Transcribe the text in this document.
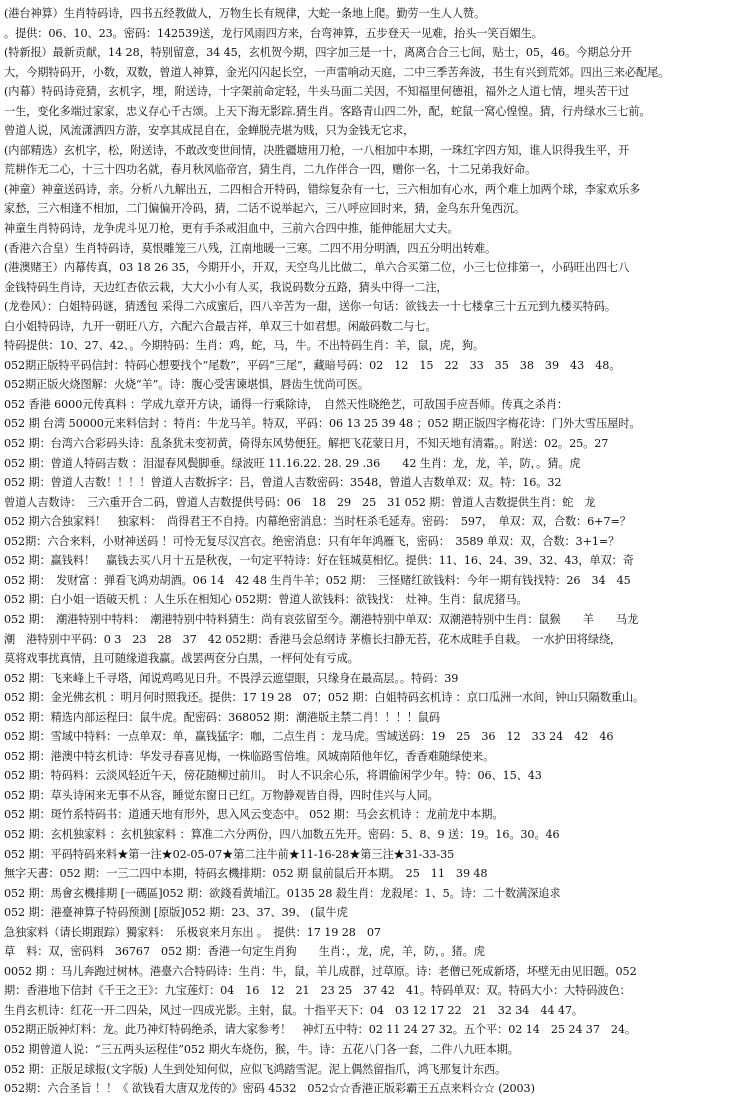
(港台神算）生肖特码诗，四书五经教做人，万物生长有规律，大蛇一条地上爬。勤劳一生人人赞。
。提供：06、10、23。密码：142539送，龙行风雨四方来，台弯神算，五步登天一见难，抬头一笑百媚生。
(特新报）最新贡献，14 28，特别留意，34 45，玄机贺今期，四字加三是一十，离离合合三七间，贴士，05，46。今期总分开
大，今期特码开，小数，双数，曾道人神算，金光闪闪起长空，一声雷响动天庭，二中三季苦奔波，书生有兴到荒郊。四出三来必配尾。
(内幕）特码诗竞猜，玄机字，埋，附送诗，十字架前命定轻，牛头马面二关因，不知福里何德祖，福外之人道七情，埋头苦干过
一生，变化多端过家家，忠义存心千古颂。上天下海无影踪.猜生肖。客路青山四二外，配，蛇鼠一窝心惶惶。猜，行舟绿水三七前。
曾道人说，风流潇洒四方游，安享其成昆自在，金蝉脱壳堪为贱，只为金钱无它求，
(内部精选）玄机字，松，附送诗，不敢改变世间情，决胜疆塘用刀枪，一八相加中本期，一珠红字四方知，谁人识得我生平，开
荒耕作无二心，十三十四功名就，春月秋风临帝宫，猜生肖，二九作伴合一四，赠你一名，十二兄弟我好命。
(神童）神童送码诗，亲。分析八九解出五，二四相合开特码，错综复杂有一七，三六相加有心水，两个难上加两个球，李家欢乐多
家愁，三六相逢不相加，二门偏偏开冷码，猜，二话不说举起六，三八呼应回时来，猜，金鸟东升兔西沉。
神童生肖特码诗，龙争虎斗见刀枪，更有手杀戒泪血中，三前六合四中推，能伸能屈大丈夫。
(香港六合皇）生肖特码诗，莫恨雕笼三八残，江南地暖一三寒。二四不用分明酒，四五分明出转难。
(港澳赌王）内幕传真，03 18 26 35，今期开小，开双，天空鸟儿比做二，单六合买第二位，小三七位排第一，小码旺出四七八
金钱特码生肖诗，天边红杏依云栽，大大小小有人买，我说码数分五路，猜头中得一二注，
(龙卷风）：白姐特码谜，猜透包 采得二六成蜜后，四八辛苦为一甜，送你一句话：欲钱去一十七楼拿三十五元到九楼买特码。
白小姐特码诗，九开一朝旺八方，六配六合最吉祥，单双三十如君想。闲敲码数二与七。
特码提供：10、27、42、。今期特码：生肖：鸡，蛇，马，牛。不出特码生肖：羊，鼠，虎，狗。
052期正版特平码信封：特码心想要找个“尾数”，平码“三尾”，藏暗号码：02　12　15　22　33　35　38　39　43　48。
052期正版火烧图解：火烧“羊”。诗：腹心受害谏堪惧，唇齿生忧尚可医。
052 香港 6000元传真料 ：学成九章开方诀，诵得一行乘除诗，　自然天性晓绝艺，可敌国手应吾师。传真之杀肖：
052 期 台湾 50000元来料信封 ：特肖：牛龙马羊。特双，平码：06 13 25 39 48 ；052 期正版四字梅花诗：门外大雪压屋时。
052 期：台湾六合彩码头诗：乱条犹未变初黄，倚得东风势便狂。解把飞花蒙日月，不知天地有清霜。。附送：02。25。27
052 期：曾道人特码吉数 ：泪湿春风鬓脚垂。绿波旺 11.16.22. 28. 29 .36　　42 生肖：龙，龙，羊，防，。猜。虎
052 期：曾道人吉数！！！！曾道人吉数拆字：吕，曾道人吉数密码：3548，曾道人吉数单双：双。特：16。32
曾道人吉数诗：　三六重开合二码，曾道人吉数提供号码：06　18　29　25　31 052 期：曾道人吉数提供生肖：蛇　龙
052 期六合独家料！　独家料：　尚得君王不自持。内幕绝密消息：当时枉杀毛延寿。密码：　597，　单双：双，合数：6+7=？
052期：六合来料，小财神送码 ！可怜无复尽汉宫衣。绝密消息：只有年年鸿雁飞，密码：　3589 单双：双，合数：3+1=？
052 期：赢钱料！　赢钱去买八月十五是秋夜，一句定平特诗：好在钰城莫相忆。提供：11、16、24、39、32、43，单双：奇
052 期：　发财富 ：弹看飞鸿劝胡酒。06 14　42 48 生肖牛羊；052 期：　三怪赌红欲钱料：今年一期有钱找特：26　34　45
052 期：白小姐一语破天机 ：人生乐在相知心 052期：曾道人欲钱料：欲钱找：　灶神。生肖：鼠虎猪马。
052 期：　潮港特别中特料：　潮港特别中特料猜生：尚有哀弦留至今。潮港特别中单双：双潮港特别中生肖：鼠猴　　羊　　马龙
潮　港特别中平码：0 3　23　28　37　42 052期：香港马会总纲诗 茅檐长扫静无苔，花木成畦手自栽。　一水护田将绿绕，
莫将戏事扰真情，且可随缘道我赢。战罢两奁分白黑，一枰何处有亏成。
052 期：飞来峰上千寻塔，闻说鸡鸣见日升。不畏浮云遮望眼，只缘身在最高层。。特码：39
052 期：金光佛玄机 ：明月何时照我还。提供：17 19 28　07；052 期：白姐特码玄机诗 ：京口瓜洲一水间，钟山只隔数重山。
052 期：精选内部运程曰：鼠牛虎。配密码：368052 期：潮港版主禁二肖！！！！鼠码
052 期：雪域中特料：一点单双：单，赢钱猛字：咖，二点生肖 ：龙马虎。雪域送码：19　25　36　12　33 24　42　46
052 期：港澳中特玄机诗：华发寻春喜见梅，一株临路雪倍堆。风城南陌他年忆，香香难随绿使来。
052 期：特码料：云淡风轻近午天，傍花随柳过前川。　时人不识余心乐，将谓偷闲学少年。特：06、15、43
052 期：草头诗闲来无事不从容，睡觉东窗日已红。万物静观皆自得，四时佳兴与人同。
052 期：斑竹系特码书：道通天地有形外，思入风云变态中。 052 期：马会玄机诗 ：龙前龙中本期。
052 期：玄机独家料 ：玄机独家料 ：算准二六分两份，四八加数五先开。密码：5、8、9 送：19。16。30。46
052 期：平码特码来料★第一注★02-05-07★第二注牛前★11-16-28★第三注★31-33-35
無字天書：052 期：一三二四中本期，特码玄機排期：052 期 鼠前鼠后开本期。　25　11　39 48
052 期：馬會玄機排期 [一碼區]052 期：欲錢看黄埔江。0135 28 殺生肖：龙殺尾：1、5。诗：二十数满深追求
052 期：港臺神算子特码预测 [原版]052 期：23、37、39、 (鼠牛虎
急独家料（请长期跟踪）獨家料：　乐极哀来月东出 。　提供：17 19 28　07
草　料：双，密码料　36767　052 期：香港一句定生肖狗　　生肖：，龙，虎，羊，防，。猪。虎
0052 期 ：马儿奔跑过树林。港臺六合特码诗：生肖：牛，鼠，羊儿成群，过草原。诗：老僧已死成新塔，坏壁无由见旧题。052
期：香港地下信封《千王之王》：九宝莲灯：04　16　12　21　23 25　37 42　41。特码单双：双。特码大小：大特码波色：
生肖玄机诗：红花一开二四朵，风过一四成光影。主射，鼠。十指平天下：04　03 12 17 22　21　32 34　44 47。
052期正版神灯料：龙。此乃神灯特码绝杀，请大家参考！　神灯五中特：02 11 24 27 32。五个平：02 14　25 24 37　24。
052 期曾道人说：“三五两头运程佳”052 期火车烧伤，猴，牛。诗：五花八门各一套，二件八九旺本期。
052 期：正版足球报(文字版) 人生到处知何似，应似飞鸿踏雪泥。泥上偶然留指爪，鸿飞那复计东西。
052期：六合圣旨 ！！《 欲钱看大唐双龙传的》密码 4532　052☆☆香港正版彩霸王五点来料☆☆ (2003)
